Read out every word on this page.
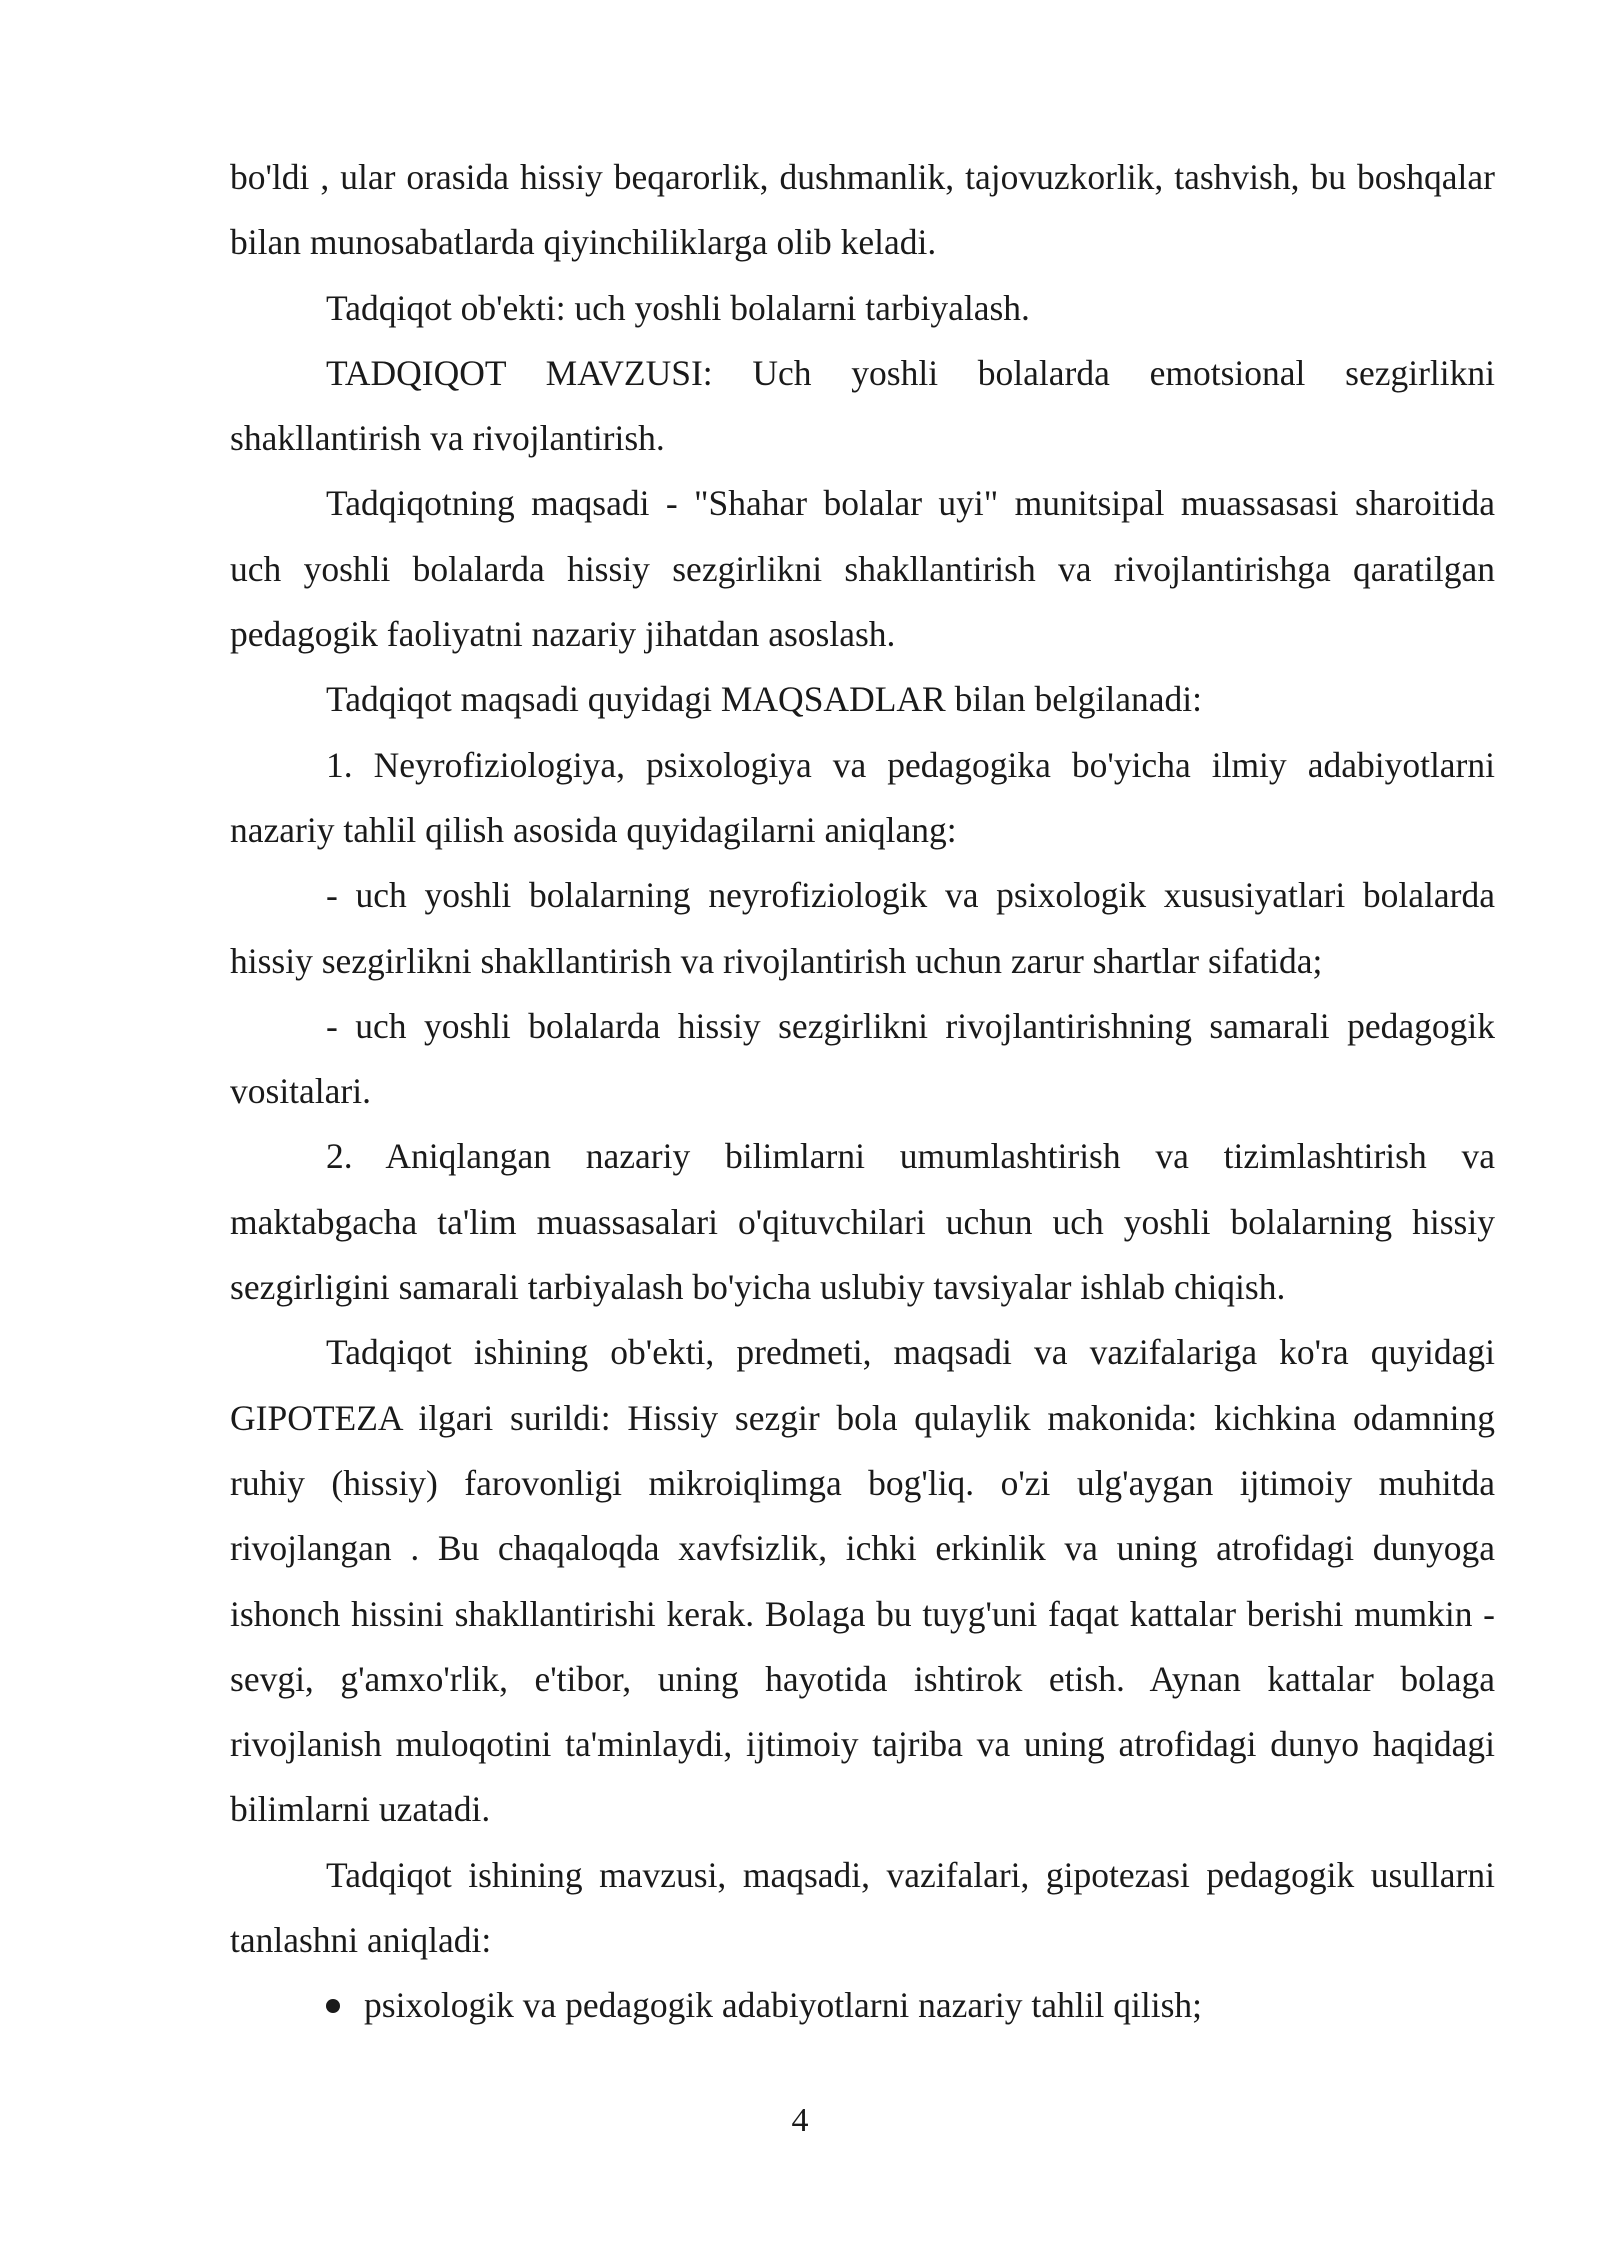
bo'ldi , ular orasida hissiy beqarorlik, dushmanlik, tajovuzkorlik, tashvish, bu boshqalar bilan munosabatlarda qiyinchiliklarga olib keladi.

Tadqiqot ob'ekti: uch yoshli bolalarni tarbiyalash.

TADQIQOT MAVZUSI: Uch yoshli bolalarda emotsional sezgirlikni shakllantirish va rivojlantirish.

Tadqiqotning maqsadi - "Shahar bolalar uyi" munitsipal muassasasi sharoitida uch yoshli bolalarda hissiy sezgirlikni shakllantirish va rivojlantirishga qaratilgan pedagogik faoliyatni nazariy jihatdan asoslash.

Tadqiqot maqsadi quyidagi MAQSADLAR bilan belgilanadi:

1. Neyrofiziologiya, psixologiya va pedagogika bo'yicha ilmiy adabiyotlarni nazariy tahlil qilish asosida quyidagilarni aniqlang:

- uch yoshli bolalarning neyrofiziologik va psixologik xususiyatlari bolalarda hissiy sezgirlikni shakllantirish va rivojlantirish uchun zarur shartlar sifatida;

- uch yoshli bolalarda hissiy sezgirlikni rivojlantirishning samarali pedagogik vositalari.

2. Aniqlangan nazariy bilimlarni umumlashtirish va tizimlashtirish va maktabgacha ta'lim muassasalari o'qituvchilari uchun uch yoshli bolalarning hissiy sezgirligini samarali tarbiyalash bo'yicha uslubiy tavsiyalar ishlab chiqish.

Tadqiqot ishining ob'ekti, predmeti, maqsadi va vazifalariga ko'ra quyidagi GIPOTEZA ilgari surildi: Hissiy sezgir bola qulaylik makonida: kichkina odamning ruhiy (hissiy) farovonligi mikroiqlimga bog'liq. o'zi ulg'aygan ijtimoiy muhitda rivojlangan . Bu chaqaloqda xavfsizlik, ichki erkinlik va uning atrofidagi dunyoga ishonch hissini shakllantirishi kerak. Bolaga bu tuyg'uni faqat kattalar berishi mumkin - sevgi, g'amxo'rlik, e'tibor, uning hayotida ishtirok etish. Aynan kattalar bolaga rivojlanish muloqotini ta'minlaydi, ijtimoiy tajriba va uning atrofidagi dunyo haqidagi bilimlarni uzatadi.

Tadqiqot ishining mavzusi, maqsadi, vazifalari, gipotezasi pedagogik usullarni tanlashni aniqladi:

psixologik va pedagogik adabiyotlarni nazariy tahlil qilish;
4
